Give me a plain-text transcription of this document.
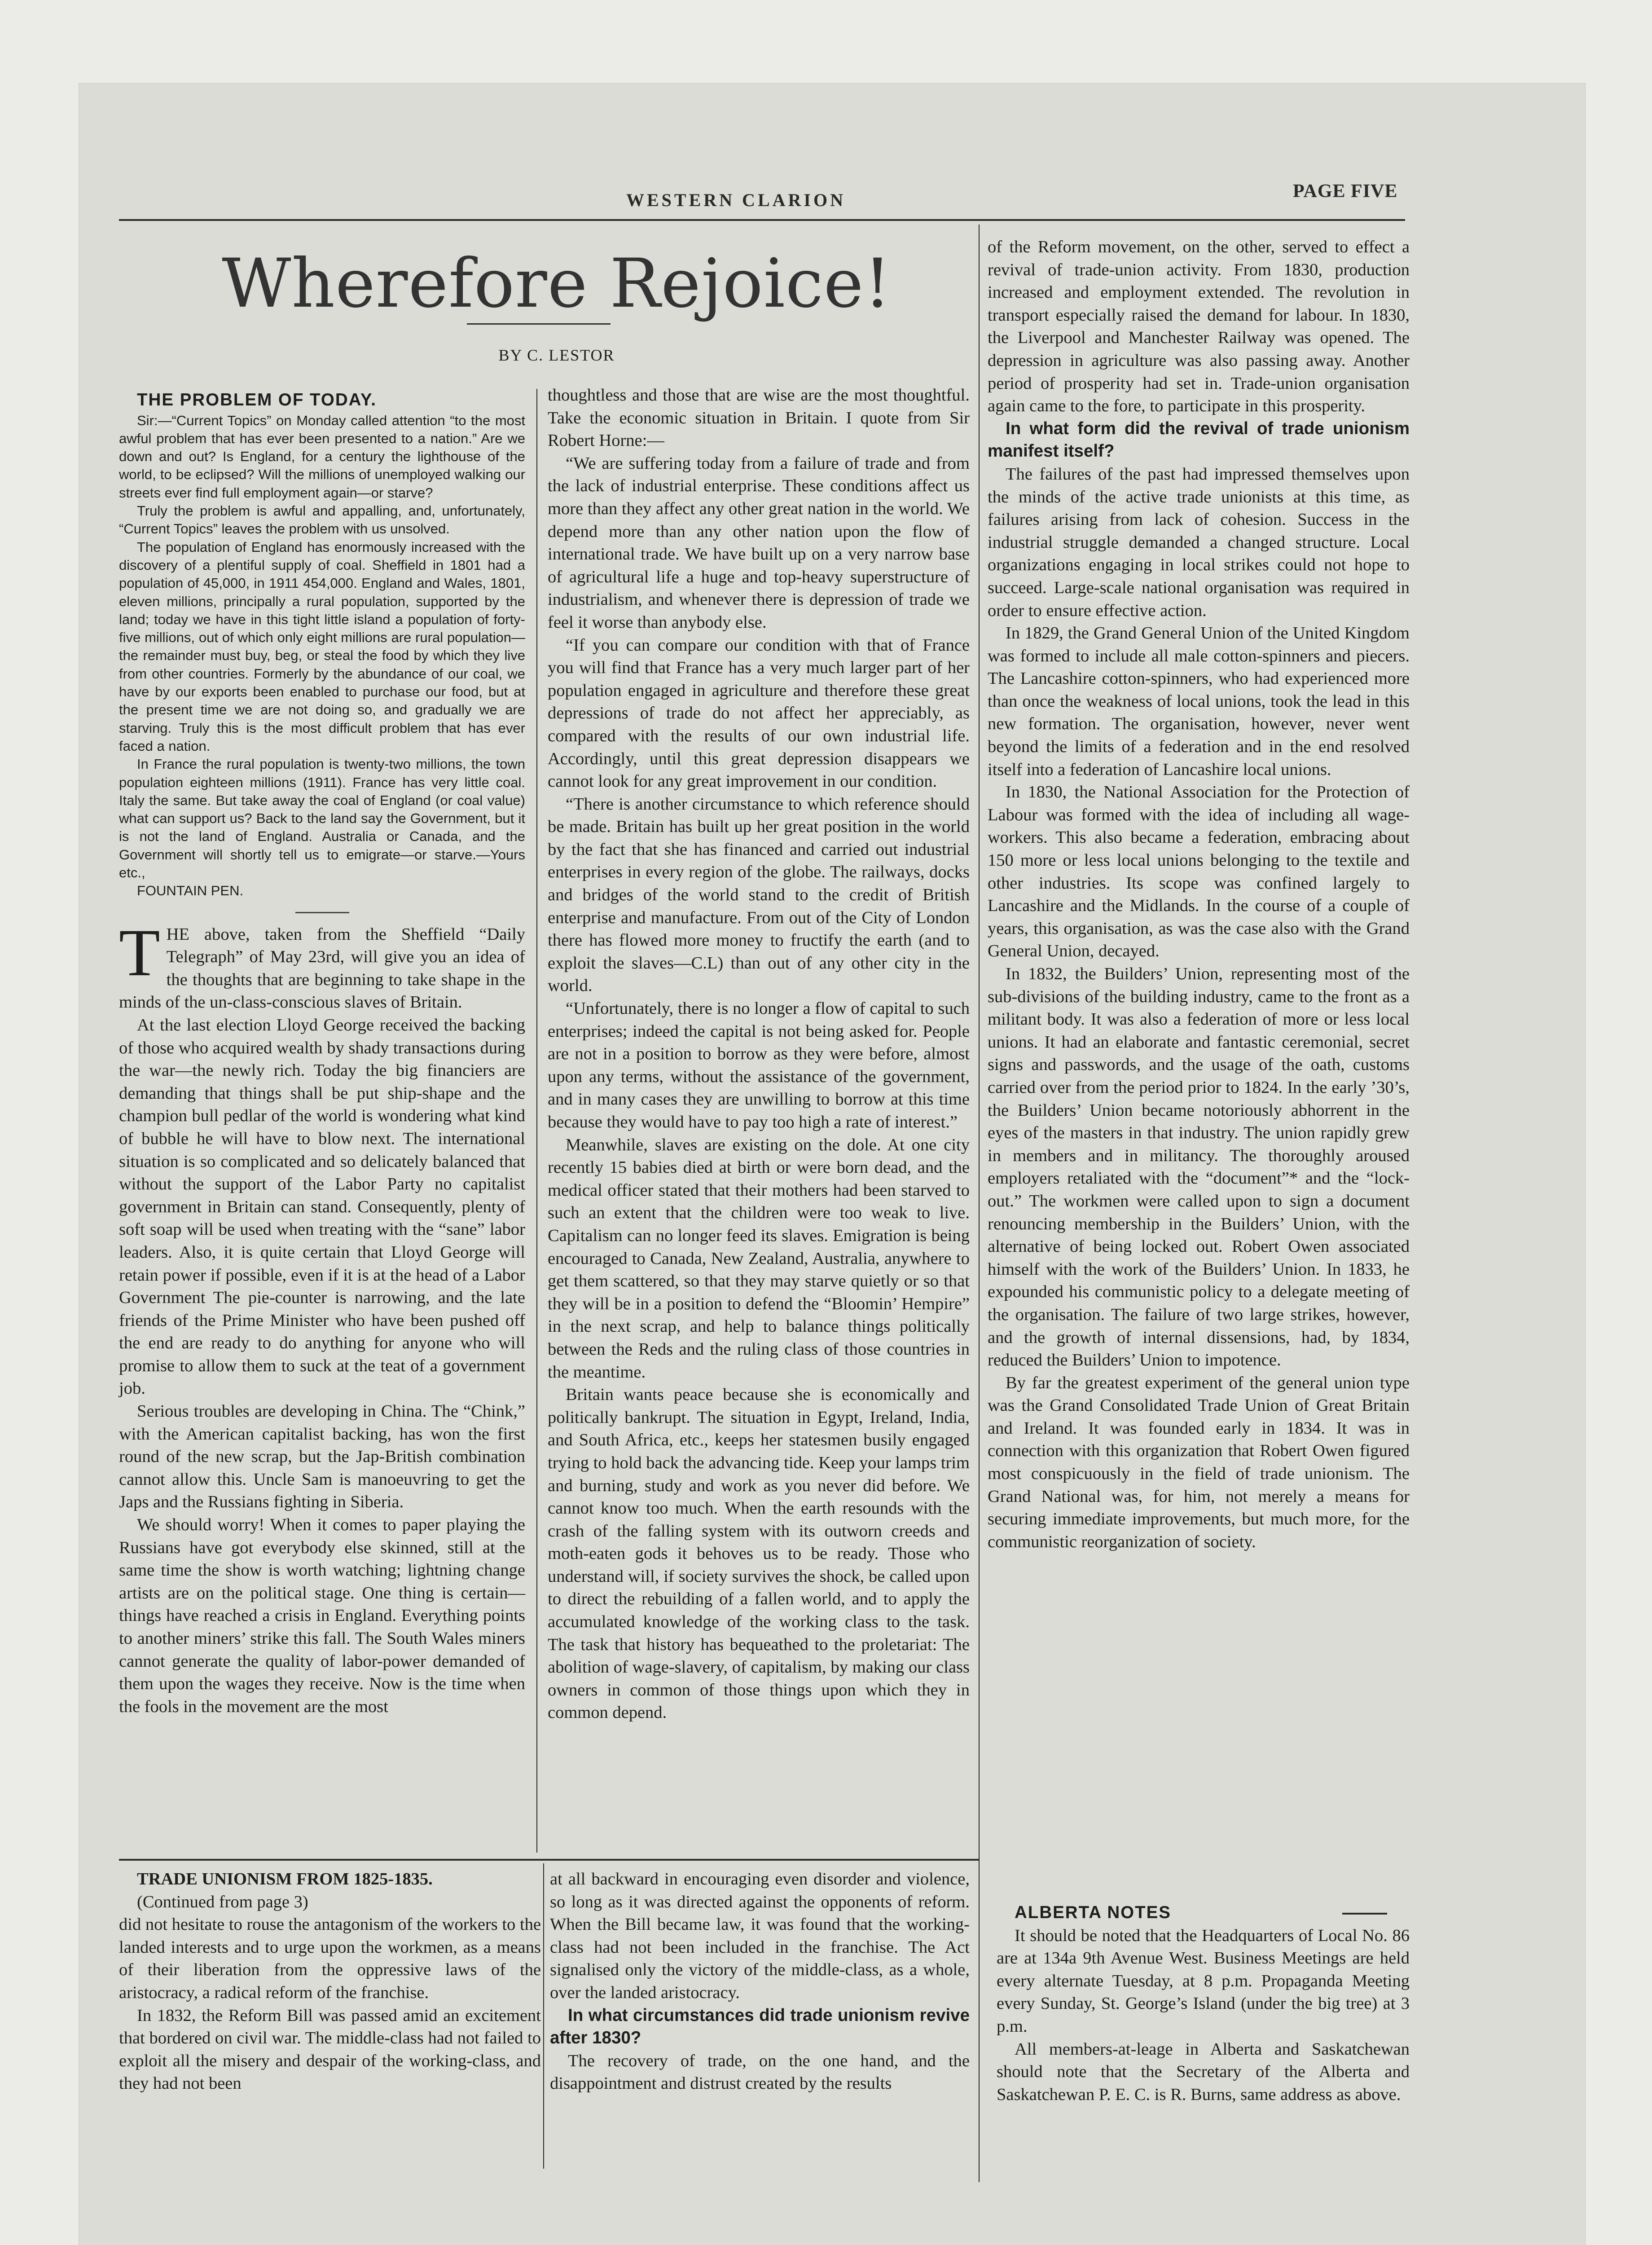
WESTERN CLARION	PAGE FIVE
Wherefore Rejoice!
BY C. LESTOR

THE PROBLEM OF TODAY.

Sir:—“Current Topics” on Monday called attention “to the most awful problem that has ever been presented to a nation.” Are we down and out? Is England, for a century the lighthouse of the world, to be eclipsed? Will the millions of unemployed walking our streets ever find full employment again—or starve?

Truly the problem is awful and appalling, and, unfortunately, “Current Topics” leaves the problem with us unsolved.

The population of England has enormously increased with the discovery of a plentiful supply of coal. Sheffield in 1801 had a population of 45,000, in 1911 454,000. England and Wales, 1801, eleven millions, principally a rural population, supported by the land; today we have in this tight little island a population of forty-five millions, out of which only eight millions are rural population—the remainder must buy, beg, or steal the food by which they live from other countries. Formerly by the abundance of our coal, we have by our exports been enabled to purchase our food, but at the present time we are not doing so, and gradually we are starving. Truly this is the most difficult problem that has ever faced a nation.

In France the rural population is twenty-two millions, the town population eighteen millions (1911). France has very little coal. Italy the same. But take away the coal of England (or coal value) what can support us? Back to the land say the Government, but it is not the land of England. Australia or Canada, and the Government will shortly tell us to emigrate—or starve.—Yours etc.,

FOUNTAIN PEN.

THE above, taken from the Sheffield “Daily Telegraph” of May 23rd, will give you an idea of the thoughts that are beginning to take shape in the minds of the un-class-conscious slaves of Britain.

At the last election Lloyd George received the backing of those who acquired wealth by shady transactions during the war—the newly rich. Today the big financiers are demanding that things shall be put ship-shape and the champion bull pedlar of the world is wondering what kind of bubble he will have to blow next. The international situation is so complicated and so delicately balanced that without the support of the Labor Party no capitalist government in Britain can stand. Consequently, plenty of soft soap will be used when treating with the “sane” labor leaders. Also, it is quite certain that Lloyd George will retain power if possible, even if it is at the head of a Labor Government The pie-counter is narrowing, and the late friends of the Prime Minister who have been pushed off the end are ready to do anything for anyone who will promise to allow them to suck at the teat of a government job.

Serious troubles are developing in China. The “Chink,” with the American capitalist backing, has won the first round of the new scrap, but the Jap-British combination cannot allow this. Uncle Sam is manoeuvring to get the Japs and the Russians fighting in Siberia.

We should worry! When it comes to paper playing the Russians have got everybody else skinned, still at the same time the show is worth watching; lightning change artists are on the political stage. One thing is certain—things have reached a crisis in England. Everything points to another miners’ strike this fall. The South Wales miners cannot generate the quality of labor-power demanded of them upon the wages they receive. Now is the time when the fools in the movement are the most

thoughtless and those that are wise are the most thoughtful. Take the economic situation in Britain. I quote from Sir Robert Horne:—

“We are suffering today from a failure of trade and from the lack of industrial enterprise. These conditions affect us more than they affect any other great nation in the world. We depend more than any other nation upon the flow of international trade. We have built up on a very narrow base of agricultural life a huge and top-heavy superstructure of industrialism, and whenever there is depression of trade we feel it worse than anybody else.

“If you can compare our condition with that of France you will find that France has a very much larger part of her population engaged in agriculture and therefore these great depressions of trade do not affect her appreciably, as compared with the results of our own industrial life. Accordingly, until this great depression disappears we cannot look for any great improvement in our condition.

“There is another circumstance to which reference should be made. Britain has built up her great position in the world by the fact that she has financed and carried out industrial enterprises in every region of the globe. The railways, docks and bridges of the world stand to the credit of British enterprise and manufacture. From out of the City of London there has flowed more money to fructify the earth (and to exploit the slaves—C.L) than out of any other city in the world.

“Unfortunately, there is no longer a flow of capital to such enterprises; indeed the capital is not being asked for. People are not in a position to borrow as they were before, almost upon any terms, without the assistance of the government, and in many cases they are unwilling to borrow at this time because they would have to pay too high a rate of interest.”

Meanwhile, slaves are existing on the dole. At one city recently 15 babies died at birth or were born dead, and the medical officer stated that their mothers had been starved to such an extent that the children were too weak to live. Capitalism can no longer feed its slaves. Emigration is being encouraged to Canada, New Zealand, Australia, anywhere to get them scattered, so that they may starve quietly or so that they will be in a position to defend the “Bloomin’ Hempire” in the next scrap, and help to balance things politically between the Reds and the ruling class of those countries in the meantime.

Britain wants peace because she is economically and politically bankrupt. The situation in Egypt, Ireland, India, and South Africa, etc., keeps her statesmen busily engaged trying to hold back the advancing tide. Keep your lamps trim and burning, study and work as you never did before. We cannot know too much. When the earth resounds with the crash of the falling system with its outworn creeds and moth-eaten gods it behoves us to be ready. Those who understand will, if society survives the shock, be called upon to direct the rebuilding of a fallen world, and to apply the accumulated knowledge of the working class to the task. The task that history has bequeathed to the proletariat: The abolition of wage-slavery, of capitalism, by making our class owners in common of those things upon which they in common depend.

of the Reform movement, on the other, served to effect a revival of trade-union activity. From 1830, production increased and employment extended. The revolution in transport especially raised the demand for labour. In 1830, the Liverpool and Manchester Railway was opened. The depression in agriculture was also passing away. Another period of prosperity had set in. Trade-union organisation again came to the fore, to participate in this prosperity.

In what form did the revival of trade unionism manifest itself?

The failures of the past had impressed themselves upon the minds of the active trade unionists at this time, as failures arising from lack of cohesion. Success in the industrial struggle demanded a changed structure. Local organizations engaging in local strikes could not hope to succeed. Large-scale national organisation was required in order to ensure effective action.

In 1829, the Grand General Union of the United Kingdom was formed to include all male cotton-spinners and piecers. The Lancashire cotton-spinners, who had experienced more than once the weakness of local unions, took the lead in this new formation. The organisation, however, never went beyond the limits of a federation and in the end resolved itself into a federation of Lancashire local unions.

In 1830, the National Association for the Protection of Labour was formed with the idea of including all wage-workers. This also became a federation, embracing about 150 more or less local unions belonging to the textile and other industries. Its scope was confined largely to Lancashire and the Midlands. In the course of a couple of years, this organisation, as was the case also with the Grand General Union, decayed.

In 1832, the Builders’ Union, representing most of the sub-divisions of the building industry, came to the front as a militant body. It was also a federation of more or less local unions. It had an elaborate and fantastic ceremonial, secret signs and passwords, and the usage of the oath, customs carried over from the period prior to 1824. In the early ’30’s, the Builders’ Union became notoriously abhorrent in the eyes of the masters in that industry. The union rapidly grew in members and in militancy. The thoroughly aroused employers retaliated with the “document”* and the “lock-out.” The workmen were called upon to sign a document renouncing membership in the Builders’ Union, with the alternative of being locked out. Robert Owen associated himself with the work of the Builders’ Union. In 1833, he expounded his communistic policy to a delegate meeting of the organisation. The failure of two large strikes, however, and the growth of internal dissensions, had, by 1834, reduced the Builders’ Union to impotence.

By far the greatest experiment of the general union type was the Grand Consolidated Trade Union of Great Britain and Ireland. It was founded early in 1834. It was in connection with this organization that Robert Owen figured most conspicuously in the field of trade unionism. The Grand National was, for him, not merely a means for securing immediate improvements, but much more, for the communistic reorganization of society.

TRADE UNIONISM FROM 1825-1835.

(Continued from page 3)

did not hesitate to rouse the antagonism of the workers to the landed interests and to urge upon the workmen, as a means of their liberation from the oppressive laws of the aristocracy, a radical reform of the franchise.

In 1832, the Reform Bill was passed amid an excitement that bordered on civil war. The middle-class had not failed to exploit all the misery and despair of the working-class, and they had not been

at all backward in encouraging even disorder and violence, so long as it was directed against the opponents of reform. When the Bill became law, it was found that the working-class had not been included in the franchise. The Act signalised only the victory of the middle-class, as a whole, over the landed aristocracy.

In what circumstances did trade unionism revive after 1830?

The recovery of trade, on the one hand, and the disappointment and distrust created by the results

ALBERTA NOTES

It should be noted that the Headquarters of Local No. 86 are at 134a 9th Avenue West. Business Meetings are held every alternate Tuesday, at 8 p.m. Propaganda Meeting every Sunday, St. George’s Island (under the big tree) at 3 p.m.

All members-at-leage in Alberta and Saskatchewan should note that the Secretary of the Alberta and Saskatchewan P. E. C. is R. Burns, same address as above.
